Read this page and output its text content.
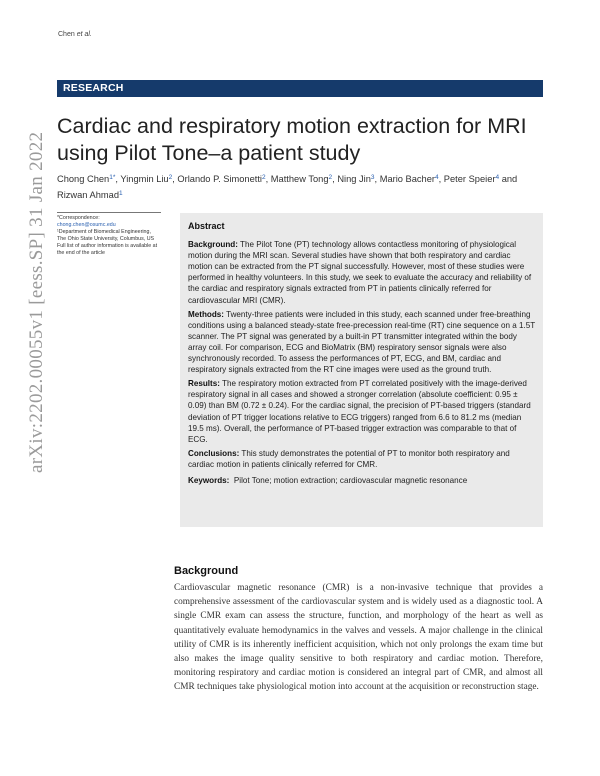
Chen et al.
RESEARCH
Cardiac and respiratory motion extraction for MRI using Pilot Tone–a patient study
Chong Chen$^{1*}$, Yingmin Liu$^2$, Orlando P. Simonetti$^2$, Matthew Tong$^2$, Ning Jin$^3$, Mario Bacher$^4$, Peter Speier$^4$ and Rizwan Ahmad$^1$
*Correspondence:
chong.chen@osumc.edu
¹Department of Biomedical Engineering, The Ohio State University, Columbus, US
Full list of author information is available at the end of the article
arXiv:2202.00055v1 [eess.SP] 31 Jan 2022	Abstract

Background: The Pilot Tone (PT) technology allows contactless monitoring of physiological motion during the MRI scan. Several studies have shown that both respiratory and cardiac motion can be extracted from the PT signal successfully. However, most of these studies were performed in healthy volunteers. In this study, we seek to evaluate the accuracy and reliability of the cardiac and respiratory signals extracted from PT in patients clinically referred for cardiovascular MRI (CMR).

Methods: Twenty-three patients were included in this study, each scanned under free-breathing conditions using a balanced steady-state free-precession real-time (RT) cine sequence on a 1.5T scanner. The PT signal was generated by a built-in PT transmitter integrated within the body array coil. For comparison, ECG and BioMatrix (BM) respiratory sensor signals were also synchronously recorded. To assess the performances of PT, ECG, and BM, cardiac and respiratory signals extracted from the RT cine images were used as the ground truth.

Results: The respiratory motion extracted from PT correlated positively with the image-derived respiratory signal in all cases and showed a stronger correlation (absolute coefficient: 0.95 ± 0.09) than BM (0.72 ± 0.24). For the cardiac signal, the precision of PT-based triggers (standard deviation of PT trigger locations relative to ECG triggers) ranged from 6.6 to 81.2 ms (median 19.5 ms). Overall, the performance of PT-based trigger extraction was comparable to that of ECG.

Conclusions: This study demonstrates the potential of PT to monitor both respiratory and cardiac motion in patients clinically referred for CMR.

Keywords: Pilot Tone; motion extraction; cardiovascular magnetic resonance

Background

Cardiovascular magnetic resonance (CMR) is a non-invasive technique that provides a comprehensive assessment of the cardiovascular system and is widely used as a diagnostic tool. A single CMR exam can assess the structure, function, and morphology of the heart as well as quantitatively evaluate hemodynamics in the valves and vessels. A major challenge in the clinical utility of CMR is its inherently inefficient acquisition, which not only prolongs the exam time but also makes the image quality sensitive to both respiratory and cardiac motion. Therefore, monitoring respiratory and cardiac motion is considered an integral part of CMR, and almost all CMR techniques take physiological motion into account at the acquisition or reconstruction stage.
